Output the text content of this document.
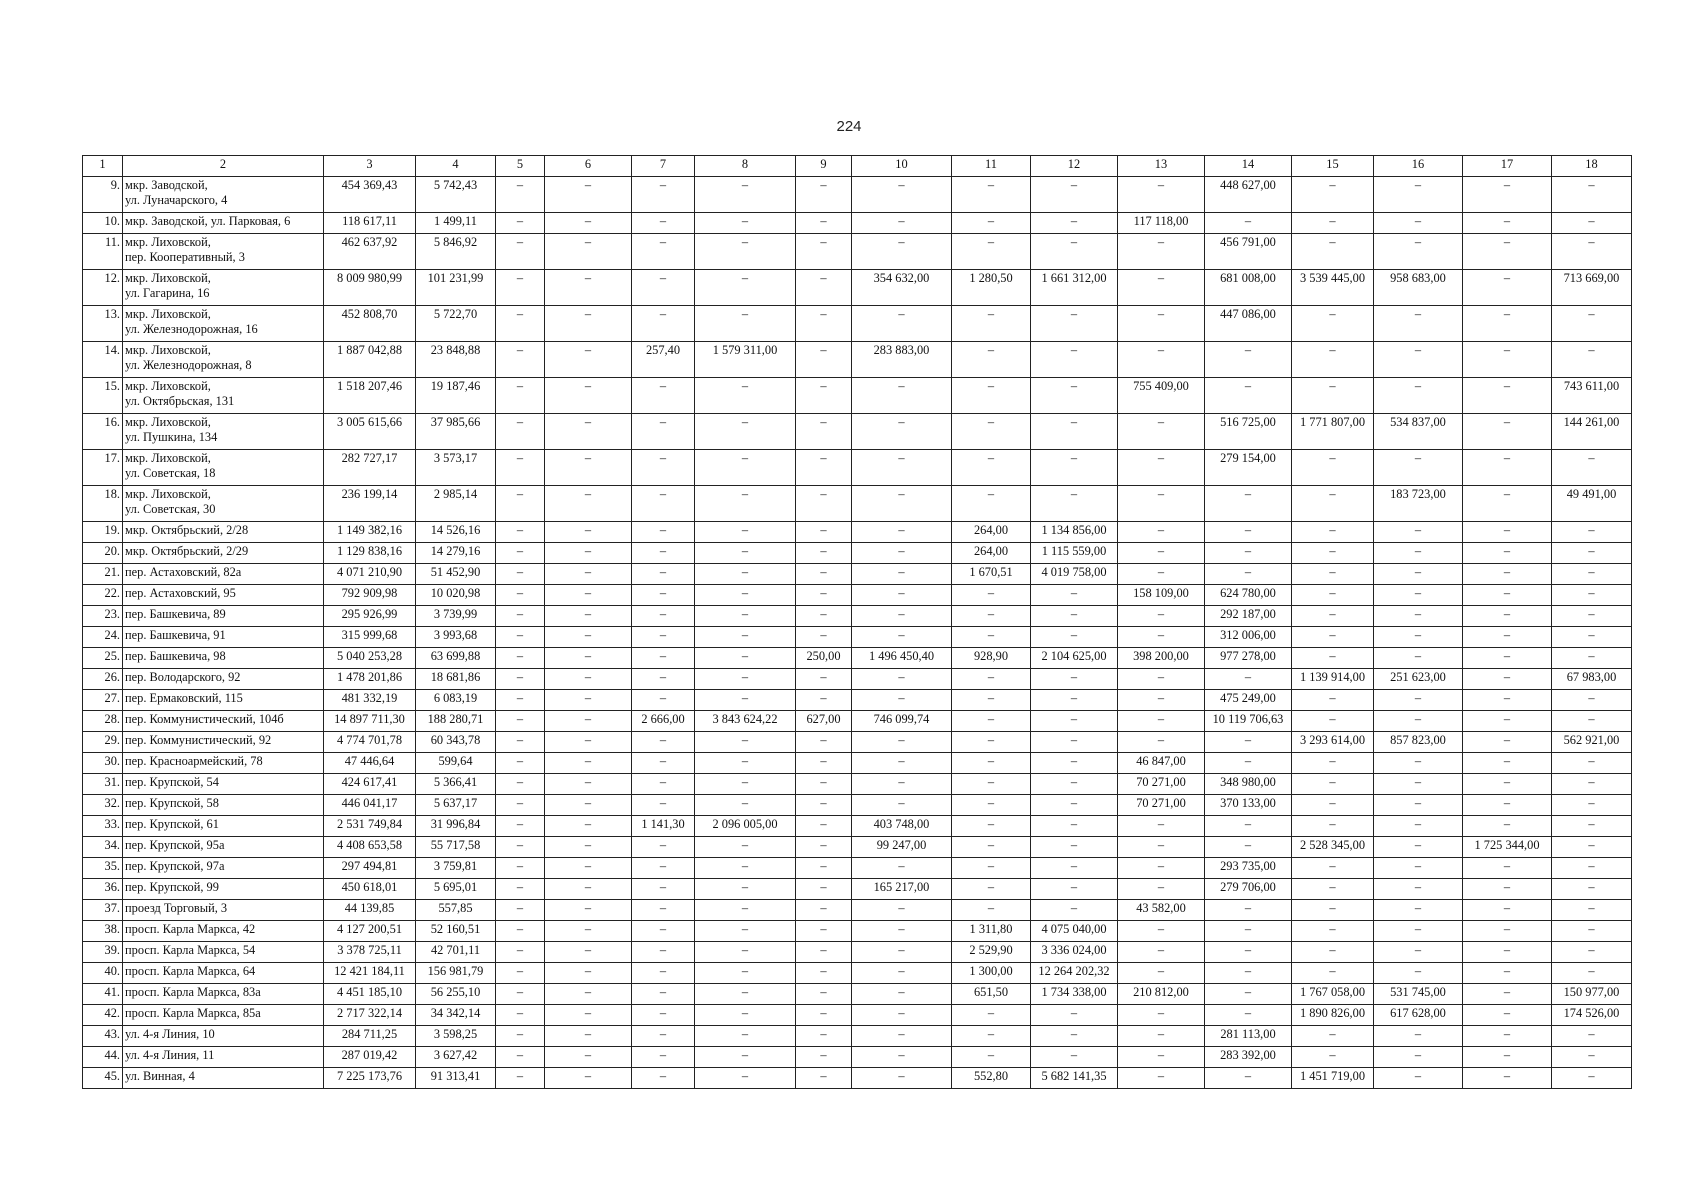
224
1	2	3	4	5	6	7	8	9	10	11	12	13	14	15	16	17	18
9.	мкр. Заводской,
ул. Луначарского, 4	454 369,43	5 742,43	–	–	–	–	–	–	–	–	–	448 627,00	–	–	–	–
10.	мкр. Заводской, ул. Парковая, 6	118 617,11	1 499,11	–	–	–	–	–	–	–	–	117 118,00	–	–	–	–	–
11.	мкр. Лиховской,
пер. Кооперативный, 3	462 637,92	5 846,92	–	–	–	–	–	–	–	–	–	456 791,00	–	–	–	–
12.	мкр. Лиховской,
ул. Гагарина, 16	8 009 980,99	101 231,99	–	–	–	–	–	354 632,00	1 280,50	1 661 312,00	–	681 008,00	3 539 445,00	958 683,00	–	713 669,00
13.	мкр. Лиховской,
ул. Железнодорожная, 16	452 808,70	5 722,70	–	–	–	–	–	–	–	–	–	447 086,00	–	–	–	–
14.	мкр. Лиховской,
ул. Железнодорожная, 8	1 887 042,88	23 848,88	–	–	257,40	1 579 311,00	–	283 883,00	–	–	–	–	–	–	–	–
15.	мкр. Лиховской,
ул. Октябрьская, 131	1 518 207,46	19 187,46	–	–	–	–	–	–	–	–	755 409,00	–	–	–	–	743 611,00
16.	мкр. Лиховской,
ул. Пушкина, 134	3 005 615,66	37 985,66	–	–	–	–	–	–	–	–	–	516 725,00	1 771 807,00	534 837,00	–	144 261,00
17.	мкр. Лиховской,
ул. Советская, 18	282 727,17	3 573,17	–	–	–	–	–	–	–	–	–	279 154,00	–	–	–	–
18.	мкр. Лиховской,
ул. Советская, 30	236 199,14	2 985,14	–	–	–	–	–	–	–	–	–	–	–	183 723,00	–	49 491,00
19.	мкр. Октябрьский, 2/28	1 149 382,16	14 526,16	–	–	–	–	–	–	264,00	1 134 856,00	–	–	–	–	–	–
20.	мкр. Октябрьский, 2/29	1 129 838,16	14 279,16	–	–	–	–	–	–	264,00	1 115 559,00	–	–	–	–	–	–
21.	пер. Астаховский, 82а	4 071 210,90	51 452,90	–	–	–	–	–	–	1 670,51	4 019 758,00	–	–	–	–	–	–
22.	пер. Астаховский, 95	792 909,98	10 020,98	–	–	–	–	–	–	–	–	158 109,00	624 780,00	–	–	–	–
23.	пер. Башкевича, 89	295 926,99	3 739,99	–	–	–	–	–	–	–	–	–	292 187,00	–	–	–	–
24.	пер. Башкевича, 91	315 999,68	3 993,68	–	–	–	–	–	–	–	–	–	312 006,00	–	–	–	–
25.	пер. Башкевича, 98	5 040 253,28	63 699,88	–	–	–	–	250,00	1 496 450,40	928,90	2 104 625,00	398 200,00	977 278,00	–	–	–	–
26.	пер. Володарского, 92	1 478 201,86	18 681,86	–	–	–	–	–	–	–	–	–	–	1 139 914,00	251 623,00	–	67 983,00
27.	пер. Ермаковский, 115	481 332,19	6 083,19	–	–	–	–	–	–	–	–	–	475 249,00	–	–	–	–
28.	пер. Коммунистический, 104б	14 897 711,30	188 280,71	–	–	2 666,00	3 843 624,22	627,00	746 099,74	–	–	–	10 119 706,63	–	–	–	–
29.	пер. Коммунистический, 92	4 774 701,78	60 343,78	–	–	–	–	–	–	–	–	–	–	3 293 614,00	857 823,00	–	562 921,00
30.	пер. Красноармейский, 78	47 446,64	599,64	–	–	–	–	–	–	–	–	46 847,00	–	–	–	–	–
31.	пер. Крупской, 54	424 617,41	5 366,41	–	–	–	–	–	–	–	–	70 271,00	348 980,00	–	–	–	–
32.	пер. Крупской, 58	446 041,17	5 637,17	–	–	–	–	–	–	–	–	70 271,00	370 133,00	–	–	–	–
33.	пер. Крупской, 61	2 531 749,84	31 996,84	–	–	1 141,30	2 096 005,00	–	403 748,00	–	–	–	–	–	–	–	–
34.	пер. Крупской, 95а	4 408 653,58	55 717,58	–	–	–	–	–	99 247,00	–	–	–	–	2 528 345,00	–	1 725 344,00	–
35.	пер. Крупской, 97а	297 494,81	3 759,81	–	–	–	–	–	–	–	–	–	293 735,00	–	–	–	–
36.	пер. Крупской, 99	450 618,01	5 695,01	–	–	–	–	–	165 217,00	–	–	–	279 706,00	–	–	–	–
37.	проезд Торговый, 3	44 139,85	557,85	–	–	–	–	–	–	–	–	43 582,00	–	–	–	–	–
38.	просп. Карла Маркса, 42	4 127 200,51	52 160,51	–	–	–	–	–	–	1 311,80	4 075 040,00	–	–	–	–	–	–
39.	просп. Карла Маркса, 54	3 378 725,11	42 701,11	–	–	–	–	–	–	2 529,90	3 336 024,00	–	–	–	–	–	–
40.	просп. Карла Маркса, 64	12 421 184,11	156 981,79	–	–	–	–	–	–	1 300,00	12 264 202,32	–	–	–	–	–	–
41.	просп. Карла Маркса, 83а	4 451 185,10	56 255,10	–	–	–	–	–	–	651,50	1 734 338,00	210 812,00	–	1 767 058,00	531 745,00	–	150 977,00
42.	просп. Карла Маркса, 85а	2 717 322,14	34 342,14	–	–	–	–	–	–	–	–	–	–	1 890 826,00	617 628,00	–	174 526,00
43.	ул. 4-я Линия, 10	284 711,25	3 598,25	–	–	–	–	–	–	–	–	–	281 113,00	–	–	–	–
44.	ул. 4-я Линия, 11	287 019,42	3 627,42	–	–	–	–	–	–	–	–	–	283 392,00	–	–	–	–
45.	ул. Винная, 4	7 225 173,76	91 313,41	–	–	–	–	–	–	552,80	5 682 141,35	–	–	1 451 719,00	–	–	–
